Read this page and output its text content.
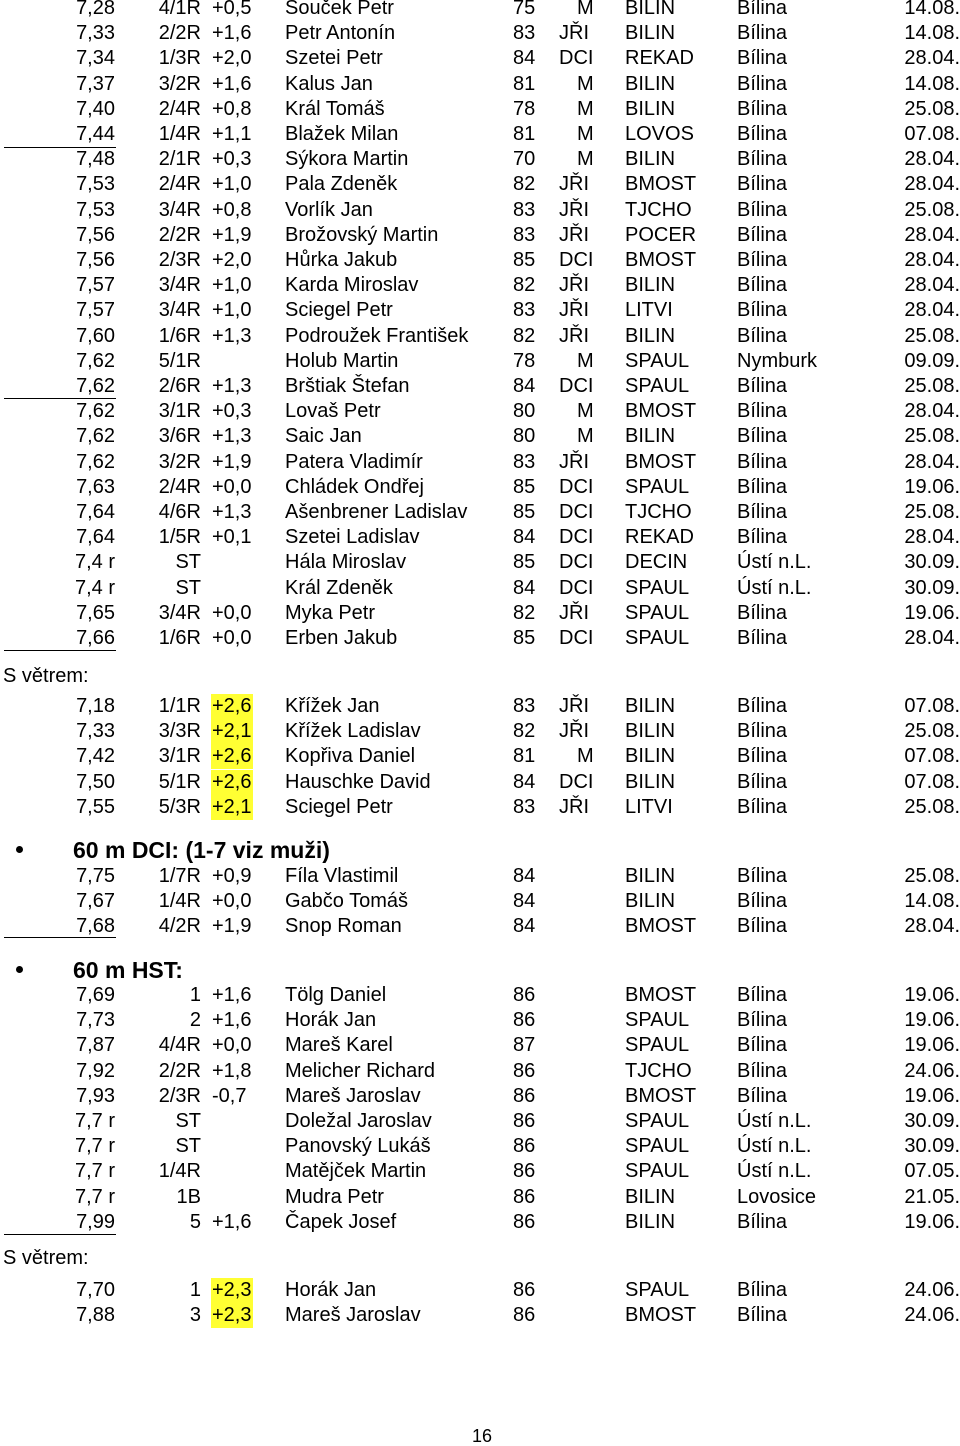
7,28 4/1R +0,5 Souček Petr	75 M BILIN	Bílina	14.08.
7,33 2/2R +1,6 Petr Antonín	83 JŘI BILIN	Bílina	14.08.
7,34 1/3R +2,0 Szetei Petr	84 DCI REKAD Bílina	28.04.
7,37 3/2R +1,6 Kalus Jan	81 M BILIN	Bílina	14.08.
7,40 2/4R +0,8 Král Tomáš	78 M BILIN	Bílina	25.08.
7,44 1/4R +1,1 Blažek Milan	81 M LOVOS Bílina	07.08.
7,48 2/1R +0,3 Sýkora Martin	70 M BILIN	Bílina	28.04.
7,53 2/4R +1,0 Pala Zdeněk	82 JŘI BMOST Bílina	28.04.
7,53 3/4R +0,8 Vorlík Jan	83 JŘI TJCHO Bílina	25.08.
7,56 2/2R +1,9 Brožovský Martin	83 JŘI POCER Bílina	28.04.
7,56 2/3R +2,0 Hůrka Jakub	85 DCI BMOST Bílina	28.04.
7,57 3/4R +1,0 Karda Miroslav	82 JŘI BILIN	Bílina	28.04.
7,57 3/4R +1,0 Sciegel Petr	83 JŘI LITVI	Bílina	28.04.
7,60 1/6R +1,3 Podroužek František 82 JŘI BILIN	Bílina	25.08.
7,62 5/1R	Holub Martin	78 M SPAUL Nymburk	09.09.
7,62 2/6R +1,3 Brštiak Štefan	84 DCI SPAUL Bílina	25.08.
7,62 3/1R +0,3 Lovaš Petr	80 M BMOST Bílina	28.04.
7,62 3/6R +1,3 Saic Jan	80 M BILIN	Bílina	25.08.
7,62 3/2R +1,9 Patera Vladimír	83 JŘI BMOST Bílina	28.04.
7,63 2/4R +0,0 Chládek Ondřej	85 DCI SPAUL Bílina	19.06.
7,64 4/6R +1,3 Ašenbrener Ladislav 85 DCI TJCHO Bílina	25.08.
7,64 1/5R +0,1 Szetei Ladislav	84 DCI REKAD Bílina	28.04.
7,4 r	ST	Hála Miroslav	85 DCI DECIN Ústí n.L.	30.09.
7,4 r	ST	Král Zdeněk	84 DCI SPAUL Ústí n.L.	30.09.
7,65 3/4R +0,0 Myka Petr	82 JŘI SPAUL Bílina	19.06.
7,66 1/6R +0,0 Erben Jakub	85 DCI SPAUL Bílina	28.04.
7,18 1/1R +2,6 Křížek Jan	83 JŘI BILIN	Bílina	07.08.
7,33 3/3R +2,1 Křížek Ladislav	82 JŘI BILIN	Bílina	25.08.
7,42 3/1R +2,6 Kopřiva Daniel	81 M BILIN	Bílina	07.08.
7,50 5/1R +2,6 Hauschke David	84 DCI BILIN	Bílina	07.08.
7,55 5/3R +2,1 Sciegel Petr	83 JŘI LITVI	Bílina	25.08.
7,75 1/7R +0,9 Fíla Vlastimil	84	BILIN	Bílina	25.08.
7,67 1/4R +0,0 Gabčo Tomáš	84	BILIN	Bílina	14.08.
7,68 4/2R +1,9 Snop Roman	84	BMOST Bílina	28.04.
7,69	1 +1,6 Tölg Daniel	86	BMOST Bílina	19.06.
7,73	2 +1,6 Horák Jan	86	SPAUL Bílina	19.06.
7,87 4/4R +0,0 Mareš Karel	87	SPAUL Bílina	19.06.
7,92 2/2R +1,8 Melicher Richard	86	TJCHO Bílina	24.06.
7,93 2/3R -0,7 Mareš Jaroslav	86	BMOST Bílina	19.06.
7,7 r	ST	Doležal Jaroslav	86	SPAUL Ústí n.L.	30.09.
7,7 r	ST	Panovský Lukáš	86	SPAUL Ústí n.L.	30.09.
7,7 r 1/4R	Matějček Martin	86	SPAUL Ústí n.L.	07.05.
7,7 r	1B	Mudra Petr	86	BILIN	Lovosice	21.05.
7,99	5 +1,6 Čapek Josef	86	BILIN	Bílina	19.06.
7,70	1 +2,3 Horák Jan	86	SPAUL Bílina	24.06.
7,88	3 +2,3 Mareš Jaroslav	86	BMOST Bílina	24.06.
S větrem:
60 m DCI: (1-7 viz muži)
60 m HST:
S větrem:
16
